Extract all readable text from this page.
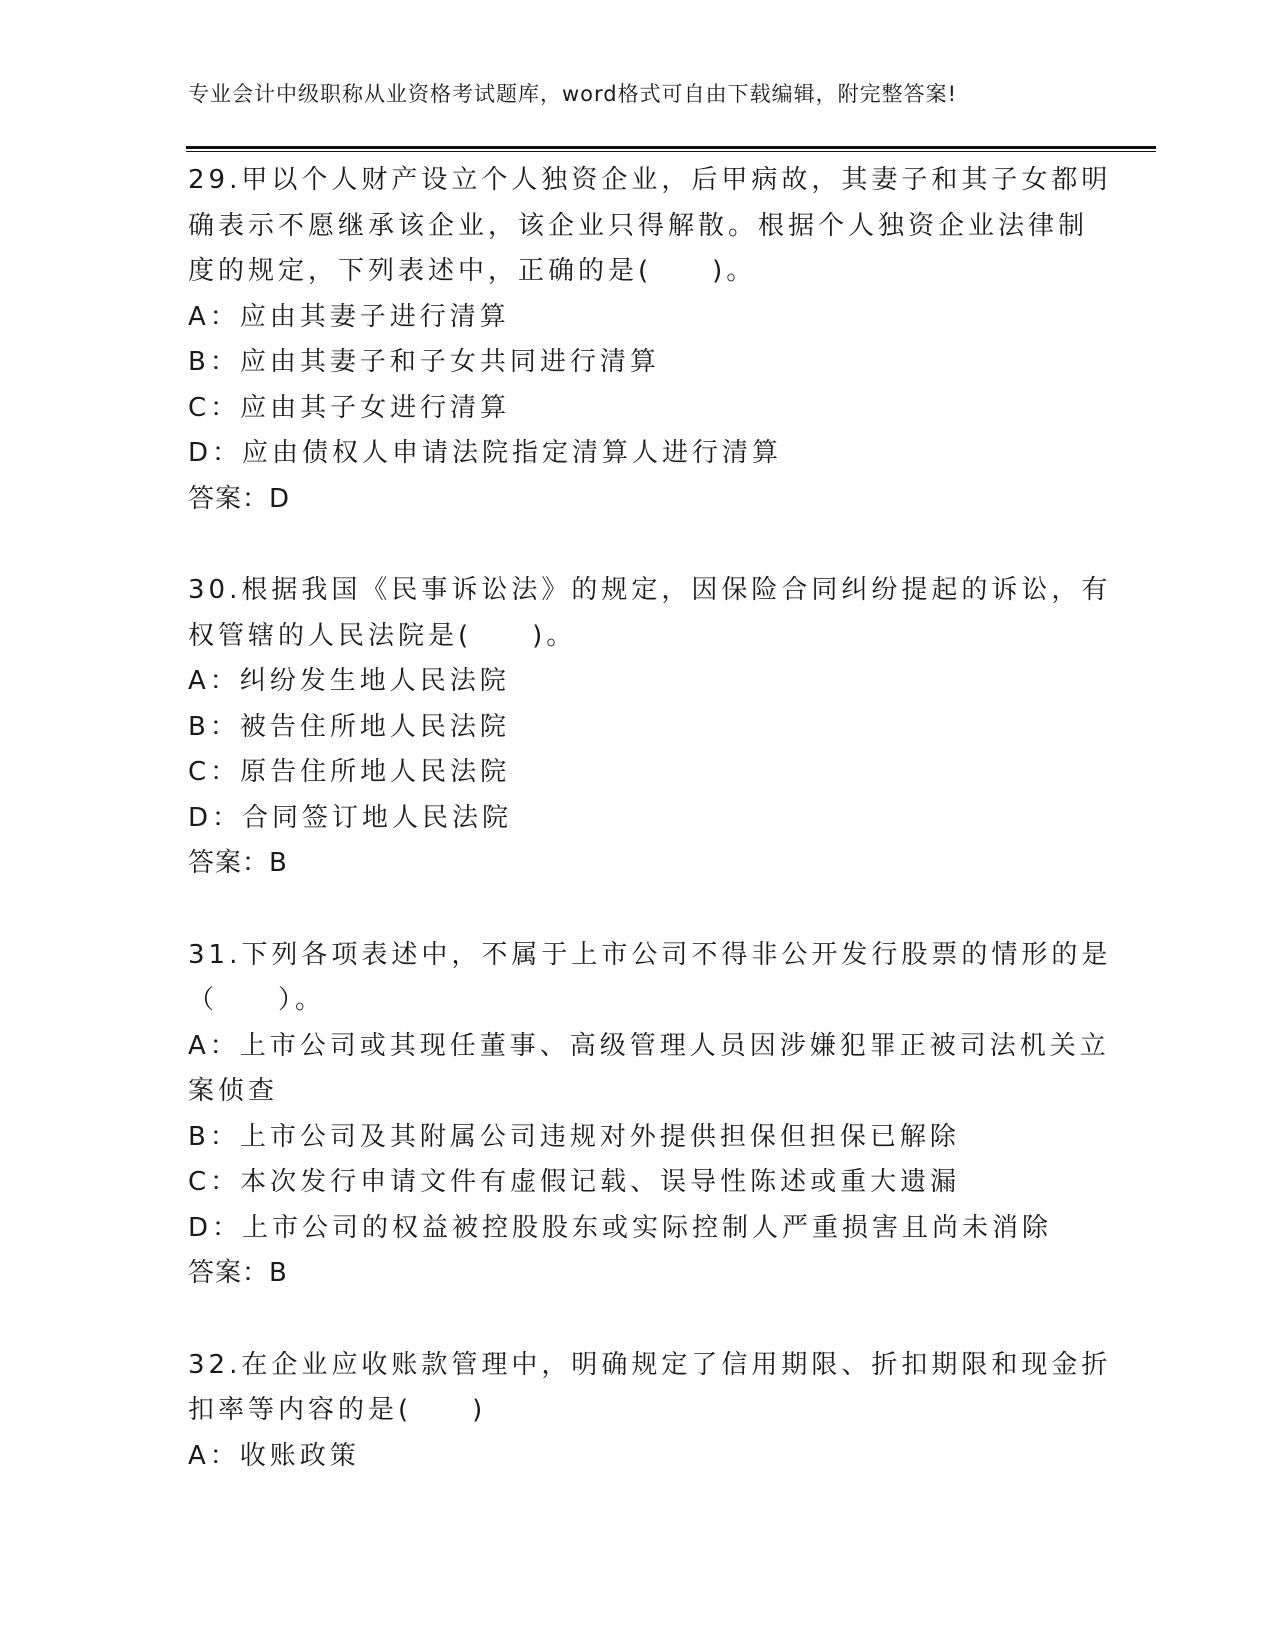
专业会计中级职称从业资格考试题库，word格式可自由下载编辑，附完整答案!
29.甲以个人财产设立个人独资企业，后甲病故，其妻子和其子女都明
确表示不愿继承该企业，该企业只得解散。根据个人独资企业法律制
度的规定，下列表述中，正确的是(　　)。
A：应由其妻子进行清算
B：应由其妻子和子女共同进行清算
C：应由其子女进行清算
D：应由债权人申请法院指定清算人进行清算
答案：D
30.根据我国《民事诉讼法》的规定，因保险合同纠纷提起的诉讼，有
权管辖的人民法院是(　　)。
A：纠纷发生地人民法院
B：被告住所地人民法院
C：原告住所地人民法院
D：合同签订地人民法院
答案：B
31.下列各项表述中，不属于上市公司不得非公开发行股票的情形的是
（　　）。
A：上市公司或其现任董事、高级管理人员因涉嫌犯罪正被司法机关立
案侦查
B：上市公司及其附属公司违规对外提供担保但担保已解除
C：本次发行申请文件有虚假记载、误导性陈述或重大遗漏
D：上市公司的权益被控股股东或实际控制人严重损害且尚未消除
答案：B
32.在企业应收账款管理中，明确规定了信用期限、折扣期限和现金折
扣率等内容的是(　　)
A：收账政策
